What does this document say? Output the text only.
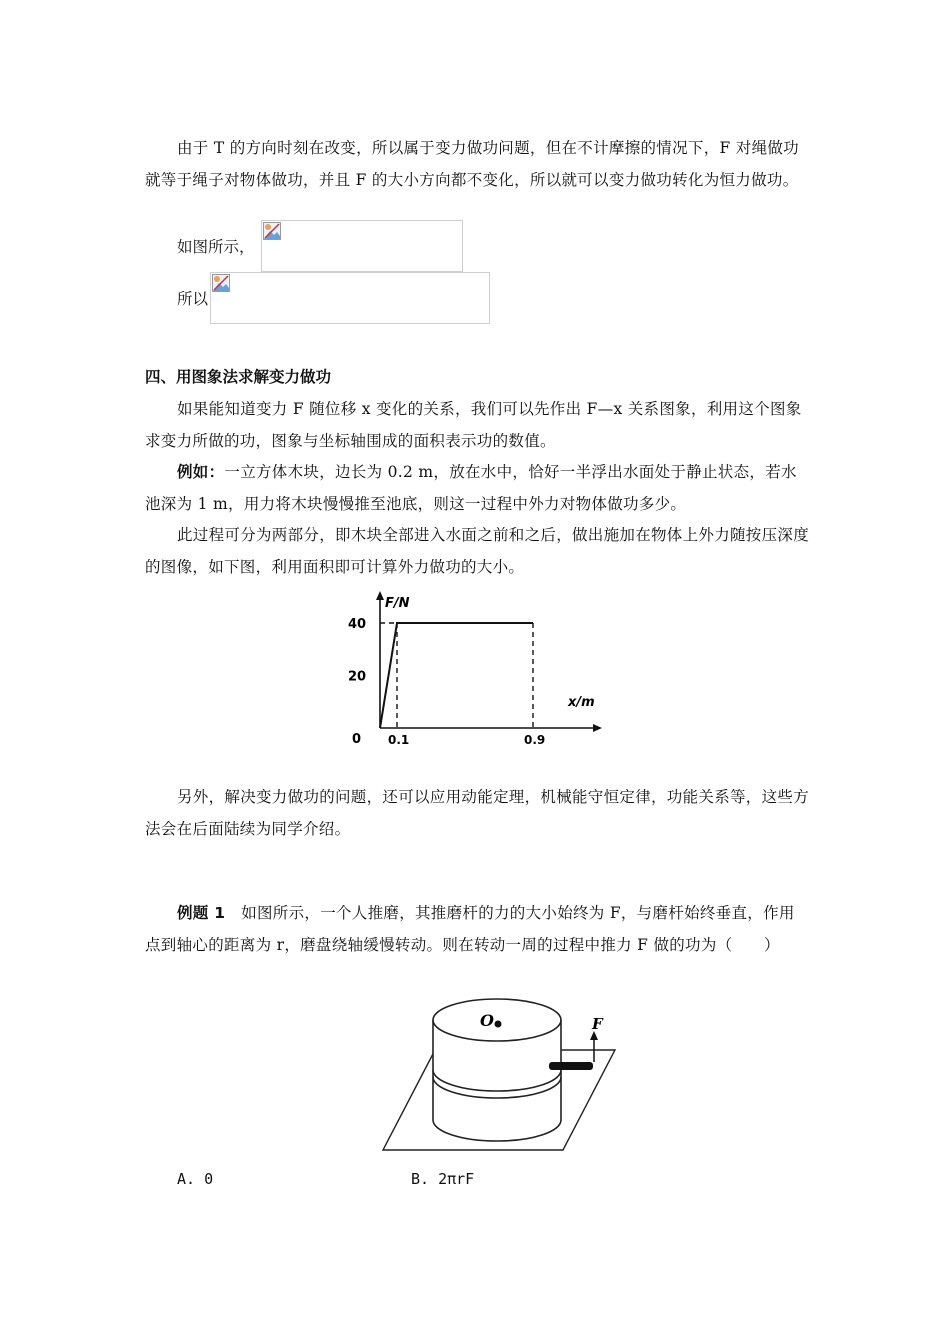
由于 T 的方向时刻在改变，所以属于变力做功问题，但在不计摩擦的情况下，F 对绳做功就等于绳子对物体做功，并且 F 的大小方向都不变化，所以就可以变力做功转化为恒力做功。
如图所示，
所以
四、用图象法求解变力做功
如果能知道变力 F 随位移 x 变化的关系，我们可以先作出 F—x 关系图象，利用这个图象求变力所做的功，图象与坐标轴围成的面积表示功的数值。
例如：一立方体木块，边长为 0.2 m，放在水中，恰好一半浮出水面处于静止状态，若水池深为 1 m，用力将木块慢慢推至池底，则这一过程中外力对物体做功多少。
此过程可分为两部分，即木块全部进入水面之前和之后，做出施加在物体上外力随按压深度的图像，如下图，利用面积即可计算外力做功的大小。
F/N
x/m
40
20
0 0.1	0.9
另外，解决变力做功的问题，还可以应用动能定理，机械能守恒定律，功能关系等，这些方法会在后面陆续为同学介绍。
例题 1　 如图所示，一个人推磨，其推磨杆的力的大小始终为 F，与磨杆始终垂直，作用点到轴心的距离为 r，磨盘绕轴缓慢转动。则在转动一周的过程中推力 F 做的功为（　　）
O	F
A. 0	B. 2πrF
